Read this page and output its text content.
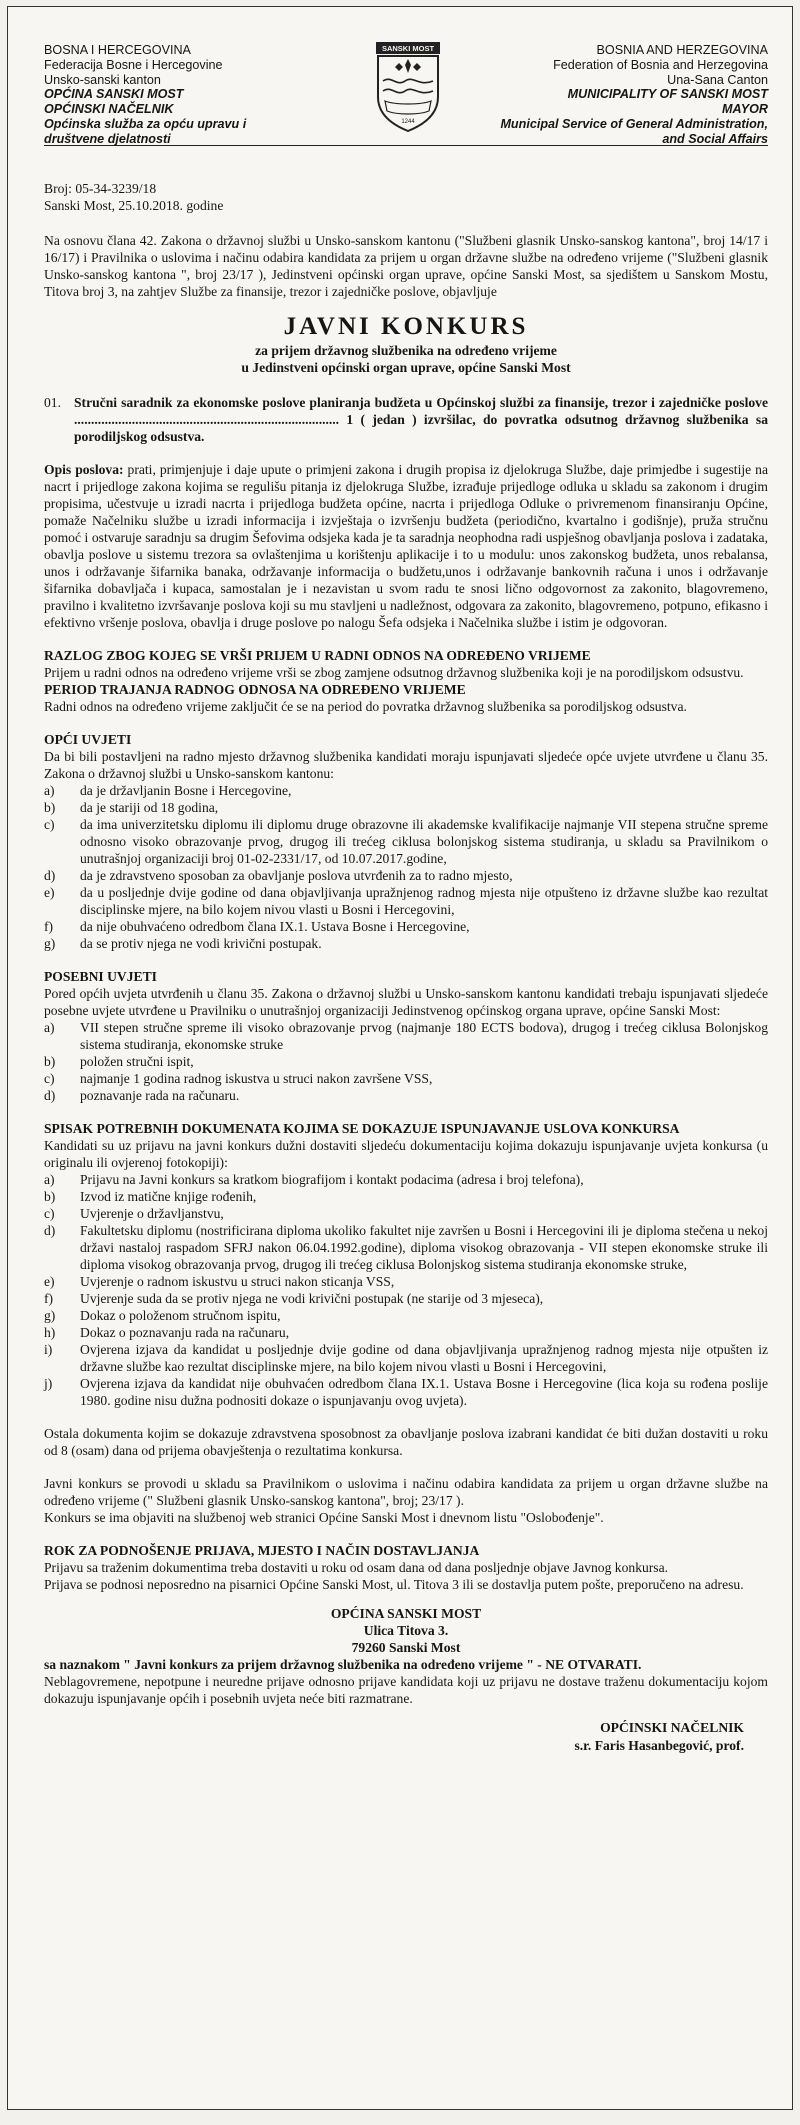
BOSNA I HERCEGOVINA
Federacija Bosne i Hercegovine
Unsko-sanski kanton
OPĆINA SANSKI MOST
OPĆINSKI NAČELNIK
Općinska služba za opću upravu i
društvene djelatnosti
SANSKI MOST
1244
BOSNIA AND HERZEGOVINA
Federation of Bosnia and Herzegovina
Una-Sana Canton
MUNICIPALITY OF SANSKI MOST
MAYOR
Municipal Service of General Administration,
and Social Affairs
Broj: 05-34-3239/18
Sanski Most, 25.10.2018. godine

Na osnovu člana 42. Zakona o državnoj službi u Unsko-sanskom kantonu ("Službeni glasnik Unsko-sanskog kantona", broj 14/17 i 16/17) i Pravilnika o uslovima i načinu odabira kandidata za prijem u organ državne službe na određeno vrijeme ("Službeni glasnik Unsko-sanskog kantona ", broj 23/17 ), Jedinstveni općinski organ uprave, općine Sanski Most, sa sjedištem u Sanskom Mostu, Titova broj 3, na zahtjev Službe za finansije, trezor i zajedničke poslove, objavljuje

JAVNI KONKURS
za prijem državnog službenika na određeno vrijeme
u Jedinstveni općinski organ uprave, općine Sanski Most
01. Stručni saradnik za ekonomske poslove planiranja budžeta u Općinskoj službi za finansije, trezor i zajedničke poslove .............................................................................. 1 ( jedan ) izvršilac, do povratka odsutnog državnog službenika sa porodiljskog odsustva.

Opis poslova: prati, primjenjuje i daje upute o primjeni zakona i drugih propisa iz djelokruga Službe, daje primjedbe i sugestije na nacrt i prijedloge zakona kojima se regulišu pitanja iz djelokruga Službe, izrađuje prijedloge odluka u skladu sa zakonom i drugim propisima, učestvuje u izradi nacrta i prijedloga budžeta općine, nacrta i prijedloga Odluke o privremenom finansiranju Općine, pomaže Načelniku službe u izradi informacija i izvještaja o izvršenju budžeta (periodično, kvartalno i godišnje), pruža stručnu pomoć i ostvaruje saradnju sa drugim Šefovima odsjeka kada je ta saradnja neophodna radi uspješnog obavljanja poslova i zadataka, obavlja poslove u sistemu trezora sa ovlaštenjima u korištenju aplikacije i to u modulu: unos zakonskog budžeta, unos rebalansa, unos i održavanje šifarnika banaka, održavanje informacija o budžetu,unos i održavanje bankovnih računa i unos i održavanje šifarnika dobavljača i kupaca, samostalan je i nezavistan u svom radu te snosi lično odgovornost za zakonito, blagovremeno, pravilno i kvalitetno izvršavanje poslova koji su mu stavljeni u nadležnost, odgovara za zakonito, blagovremeno, potpuno, efikasno i efektivno vršenje poslova, obavlja i druge poslove po nalogu Šefa odsjeka i Načelnika službe i istim je odgovoran.

RAZLOG ZBOG KOJEG SE VRŠI PRIJEM U RADNI ODNOS NA ODREĐENO VRIJEME

Prijem u radni odnos na određeno vrijeme vrši se zbog zamjene odsutnog državnog službenika koji je na porodiljskom odsustvu.

PERIOD TRAJANJA RADNOG ODNOSA NA ODREĐENO VRIJEME

Radni odnos na određeno vrijeme zaključit će se na period do povratka državnog službenika sa porodiljskog odsustva.

OPĆI UVJETI

Da bi bili postavljeni na radno mjesto državnog službenika kandidati moraju ispunjavati sljedeće opće uvjete utvrđene u članu 35. Zakona o državnoj službi u Unsko-sanskom kantonu:

a)	da je državljanin Bosne i Hercegovine,
b)	da je stariji od 18 godina,
c)	da ima univerzitetsku diplomu ili diplomu druge obrazovne ili akademske kvalifikacije najmanje VII stepena stručne spreme odnosno visoko obrazovanje prvog, drugog ili trećeg ciklusa bolonjskog sistema studiranja, u skladu sa Pravilnikom o unutrašnjoj organizaciji broj 01-02-2331/17, od 10.07.2017.godine,
d)	da je zdravstveno sposoban za obavljanje poslova utvrđenih za to radno mjesto,
e)	da u posljednje dvije godine od dana objavljivanja upražnjenog radnog mjesta nije otpušteno iz državne službe kao rezultat disciplinske mjere, na bilo kojem nivou vlasti u Bosni i Hercegovini,
f)	da nije obuhvaćeno odredbom člana IX.1. Ustava Bosne i Hercegovine,
g)	da se protiv njega ne vodi krivični postupak.
POSEBNI UVJETI

Pored općih uvjeta utvrđenih u članu 35. Zakona o državnoj službi u Unsko-sanskom kantonu kandidati trebaju ispunjavati sljedeće posebne uvjete utvrđene u Pravilniku o unutrašnjoj organizaciji Jedinstvenog općinskog organa uprave, općine Sanski Most:

a)	VII stepen stručne spreme ili visoko obrazovanje prvog (najmanje 180 ECTS bodova), drugog i trećeg ciklusa Bolonjskog sistema studiranja, ekonomske struke
b)	položen stručni ispit,
c)	najmanje 1 godina radnog iskustva u struci nakon završene VSS,
d)	poznavanje rada na računaru.
SPISAK POTREBNIH DOKUMENATA KOJIMA SE DOKAZUJE ISPUNJAVANJE USLOVA KONKURSA

Kandidati su uz prijavu na javni konkurs dužni dostaviti sljedeću dokumentaciju kojima dokazuju ispunjavanje uvjeta konkursa (u originalu ili ovjerenoj fotokopiji):

a)	Prijavu na Javni konkurs sa kratkom biografijom i kontakt podacima (adresa i broj telefona),
b)	Izvod iz matične knjige rođenih,
c)	Uvjerenje o državljanstvu,
d)	Fakultetsku diplomu (nostrificirana diploma ukoliko fakultet nije završen u Bosni i Hercegovini ili je diploma stečena u nekoj državi nastaloj raspadom SFRJ nakon 06.04.1992.godine), diploma visokog obrazovanja - VII stepen ekonomske struke ili diploma visokog obrazovanja prvog, drugog ili trećeg ciklusa Bolonjskog sistema studiranja ekonomske struke,
e)	Uvjerenje o radnom iskustvu u struci nakon sticanja VSS,
f)	Uvjerenje suda da se protiv njega ne vodi krivični postupak (ne starije od 3 mjeseca),
g)	Dokaz o položenom stručnom ispitu,
h)	Dokaz o poznavanju rada na računaru,
i)	Ovjerena izjava da kandidat u posljednje dvije godine od dana objavljivanja upražnjenog radnog mjesta nije otpušten iz državne službe kao rezultat disciplinske mjere, na bilo kojem nivou vlasti u Bosni i Hercegovini,
j)	Ovjerena izjava da kandidat nije obuhvaćen odredbom člana IX.1. Ustava Bosne i Hercegovine (lica koja su rođena poslije 1980. godine nisu dužna podnositi dokaze o ispunjavanju ovog uvjeta).

Ostala dokumenta kojim se dokazuje zdravstvena sposobnost za obavljanje poslova izabrani kandidat će biti dužan dostaviti u roku od 8 (osam) dana od prijema obavještenja o rezultatima konkursa.

Javni konkurs se provodi u skladu sa Pravilnikom o uslovima i načinu odabira kandidata za prijem u organ državne službe na određeno vrijeme (" Službeni glasnik Unsko-sanskog kantona", broj; 23/17 ).

Konkurs se ima objaviti na službenoj web stranici Općine Sanski Most i dnevnom listu "Oslobođenje".

ROK ZA PODNOŠENJE PRIJAVA, MJESTO I NAČIN DOSTAVLJANJA

Prijavu sa traženim dokumentima treba dostaviti u roku od osam dana od dana posljednje objave Javnog konkursa.

Prijava se podnosi neposredno na pisarnici Općine Sanski Most, ul. Titova 3 ili se dostavlja putem pošte, preporučeno na adresu.

OPĆINA SANSKI MOST
Ulica Titova 3.
79260 Sanski Most

sa naznakom " Javni konkurs za prijem državnog službenika na određeno vrijeme " - NE OTVARATI.

Neblagovremene, nepotpune i neuredne prijave odnosno prijave kandidata koji uz prijavu ne dostave traženu dokumentaciju kojom dokazuju ispunjavanje općih i posebnih uvjeta neće biti razmatrane.

OPĆINSKI NAČELNIK
s.r. Faris Hasanbegović, prof.
